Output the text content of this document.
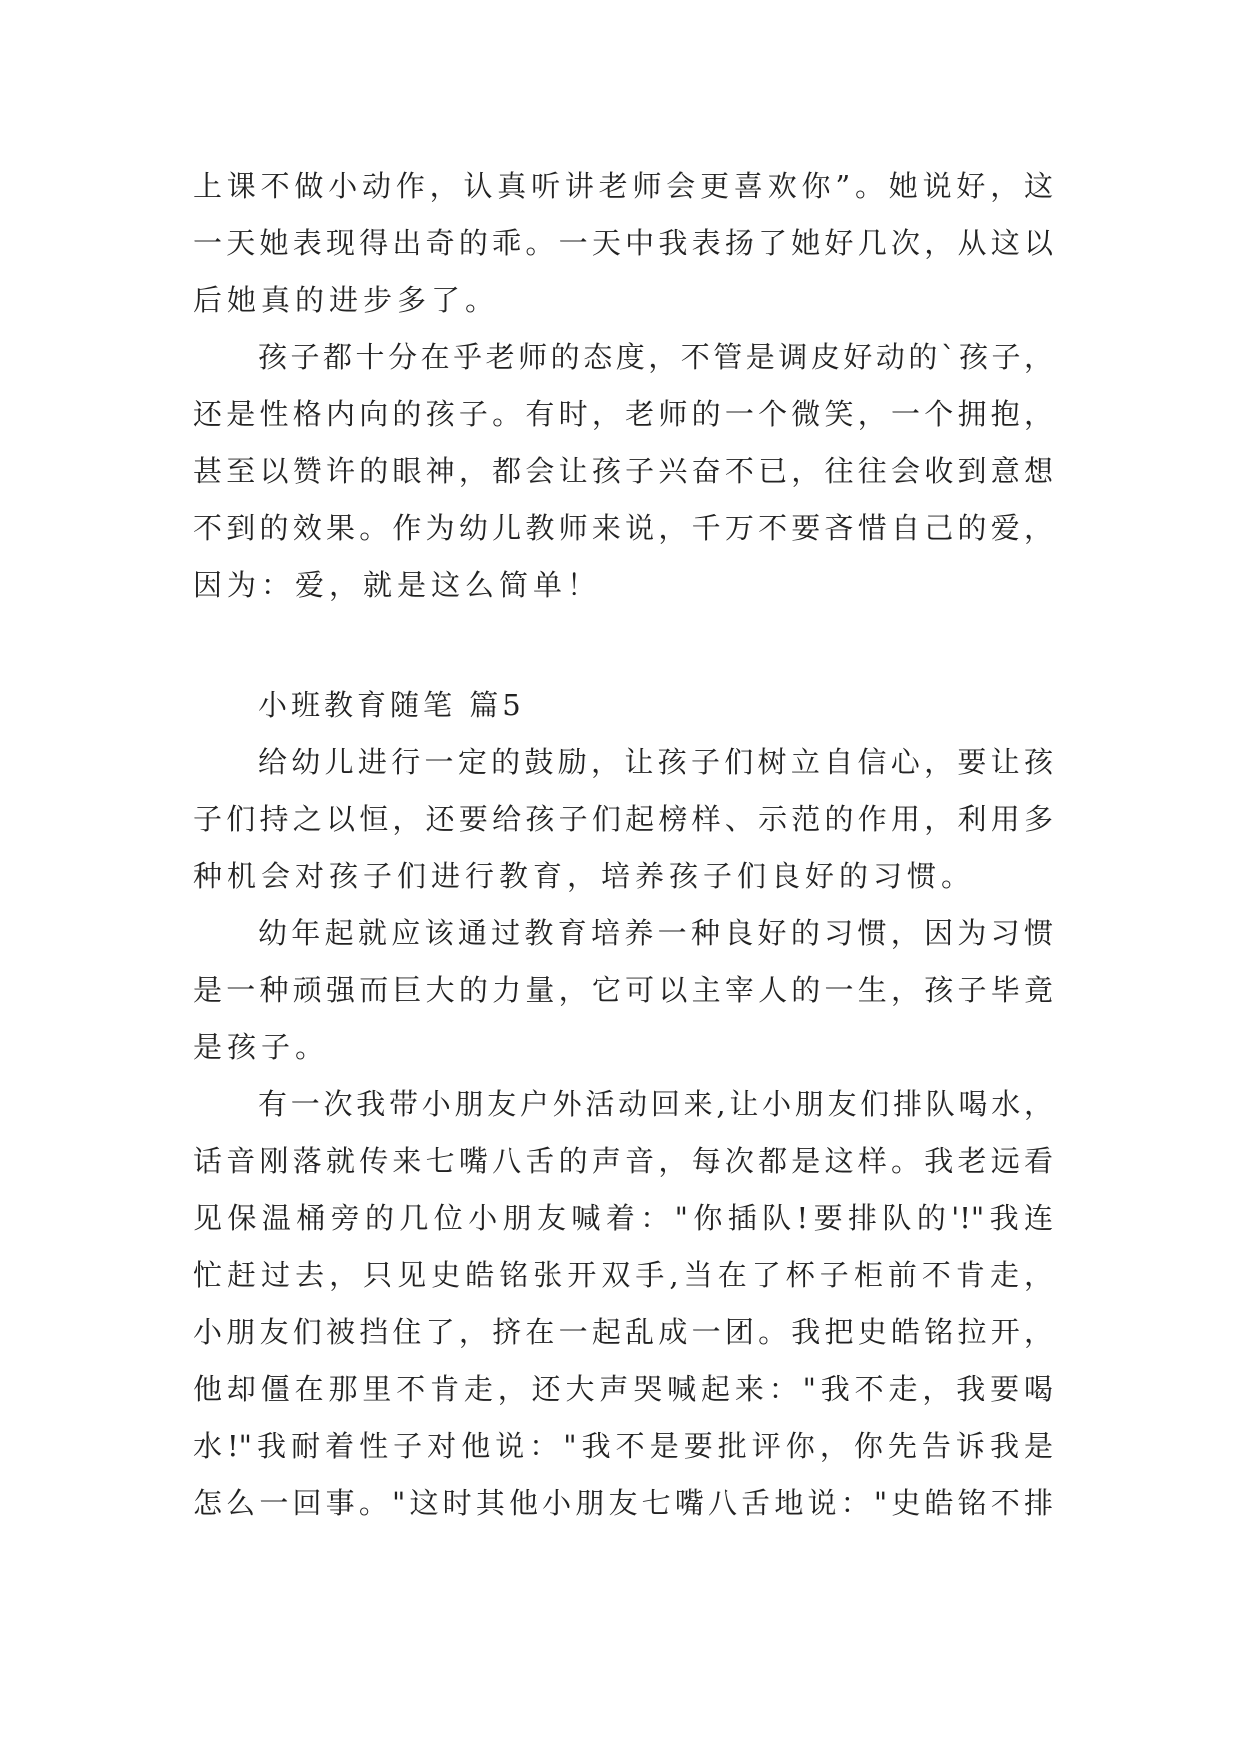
上课不做小动作，认真听讲老师会更喜欢你”。她说好，这
一天她表现得出奇的乖。一天中我表扬了她好几次，从这以
后她真的进步多了。
孩子都十分在乎老师的态度，不管是调皮好动的`孩子，
还是性格内向的孩子。有时，老师的一个微笑，一个拥抱，
甚至以赞许的眼神，都会让孩子兴奋不已，往往会收到意想
不到的效果。作为幼儿教师来说，千万不要吝惜自己的爱，
因为：爱，就是这么简单！
小班教育随笔 篇5
给幼儿进行一定的鼓励，让孩子们树立自信心，要让孩
子们持之以恒，还要给孩子们起榜样、示范的作用，利用多
种机会对孩子们进行教育，培养孩子们良好的习惯。
幼年起就应该通过教育培养一种良好的习惯，因为习惯
是一种顽强而巨大的力量，它可以主宰人的一生，孩子毕竟
是孩子。
有一次我带小朋友户外活动回来,让小朋友们排队喝水，
话音刚落就传来七嘴八舌的声音，每次都是这样。我老远看
见保温桶旁的几位小朋友喊着："你插队!要排队的'!"我连
忙赶过去，只见史皓铭张开双手,当在了杯子柜前不肯走，
小朋友们被挡住了，挤在一起乱成一团。我把史皓铭拉开，
他却僵在那里不肯走，还大声哭喊起来："我不走，我要喝
水!"我耐着性子对他说："我不是要批评你，你先告诉我是
怎么一回事。"这时其他小朋友七嘴八舌地说："史皓铭不排
